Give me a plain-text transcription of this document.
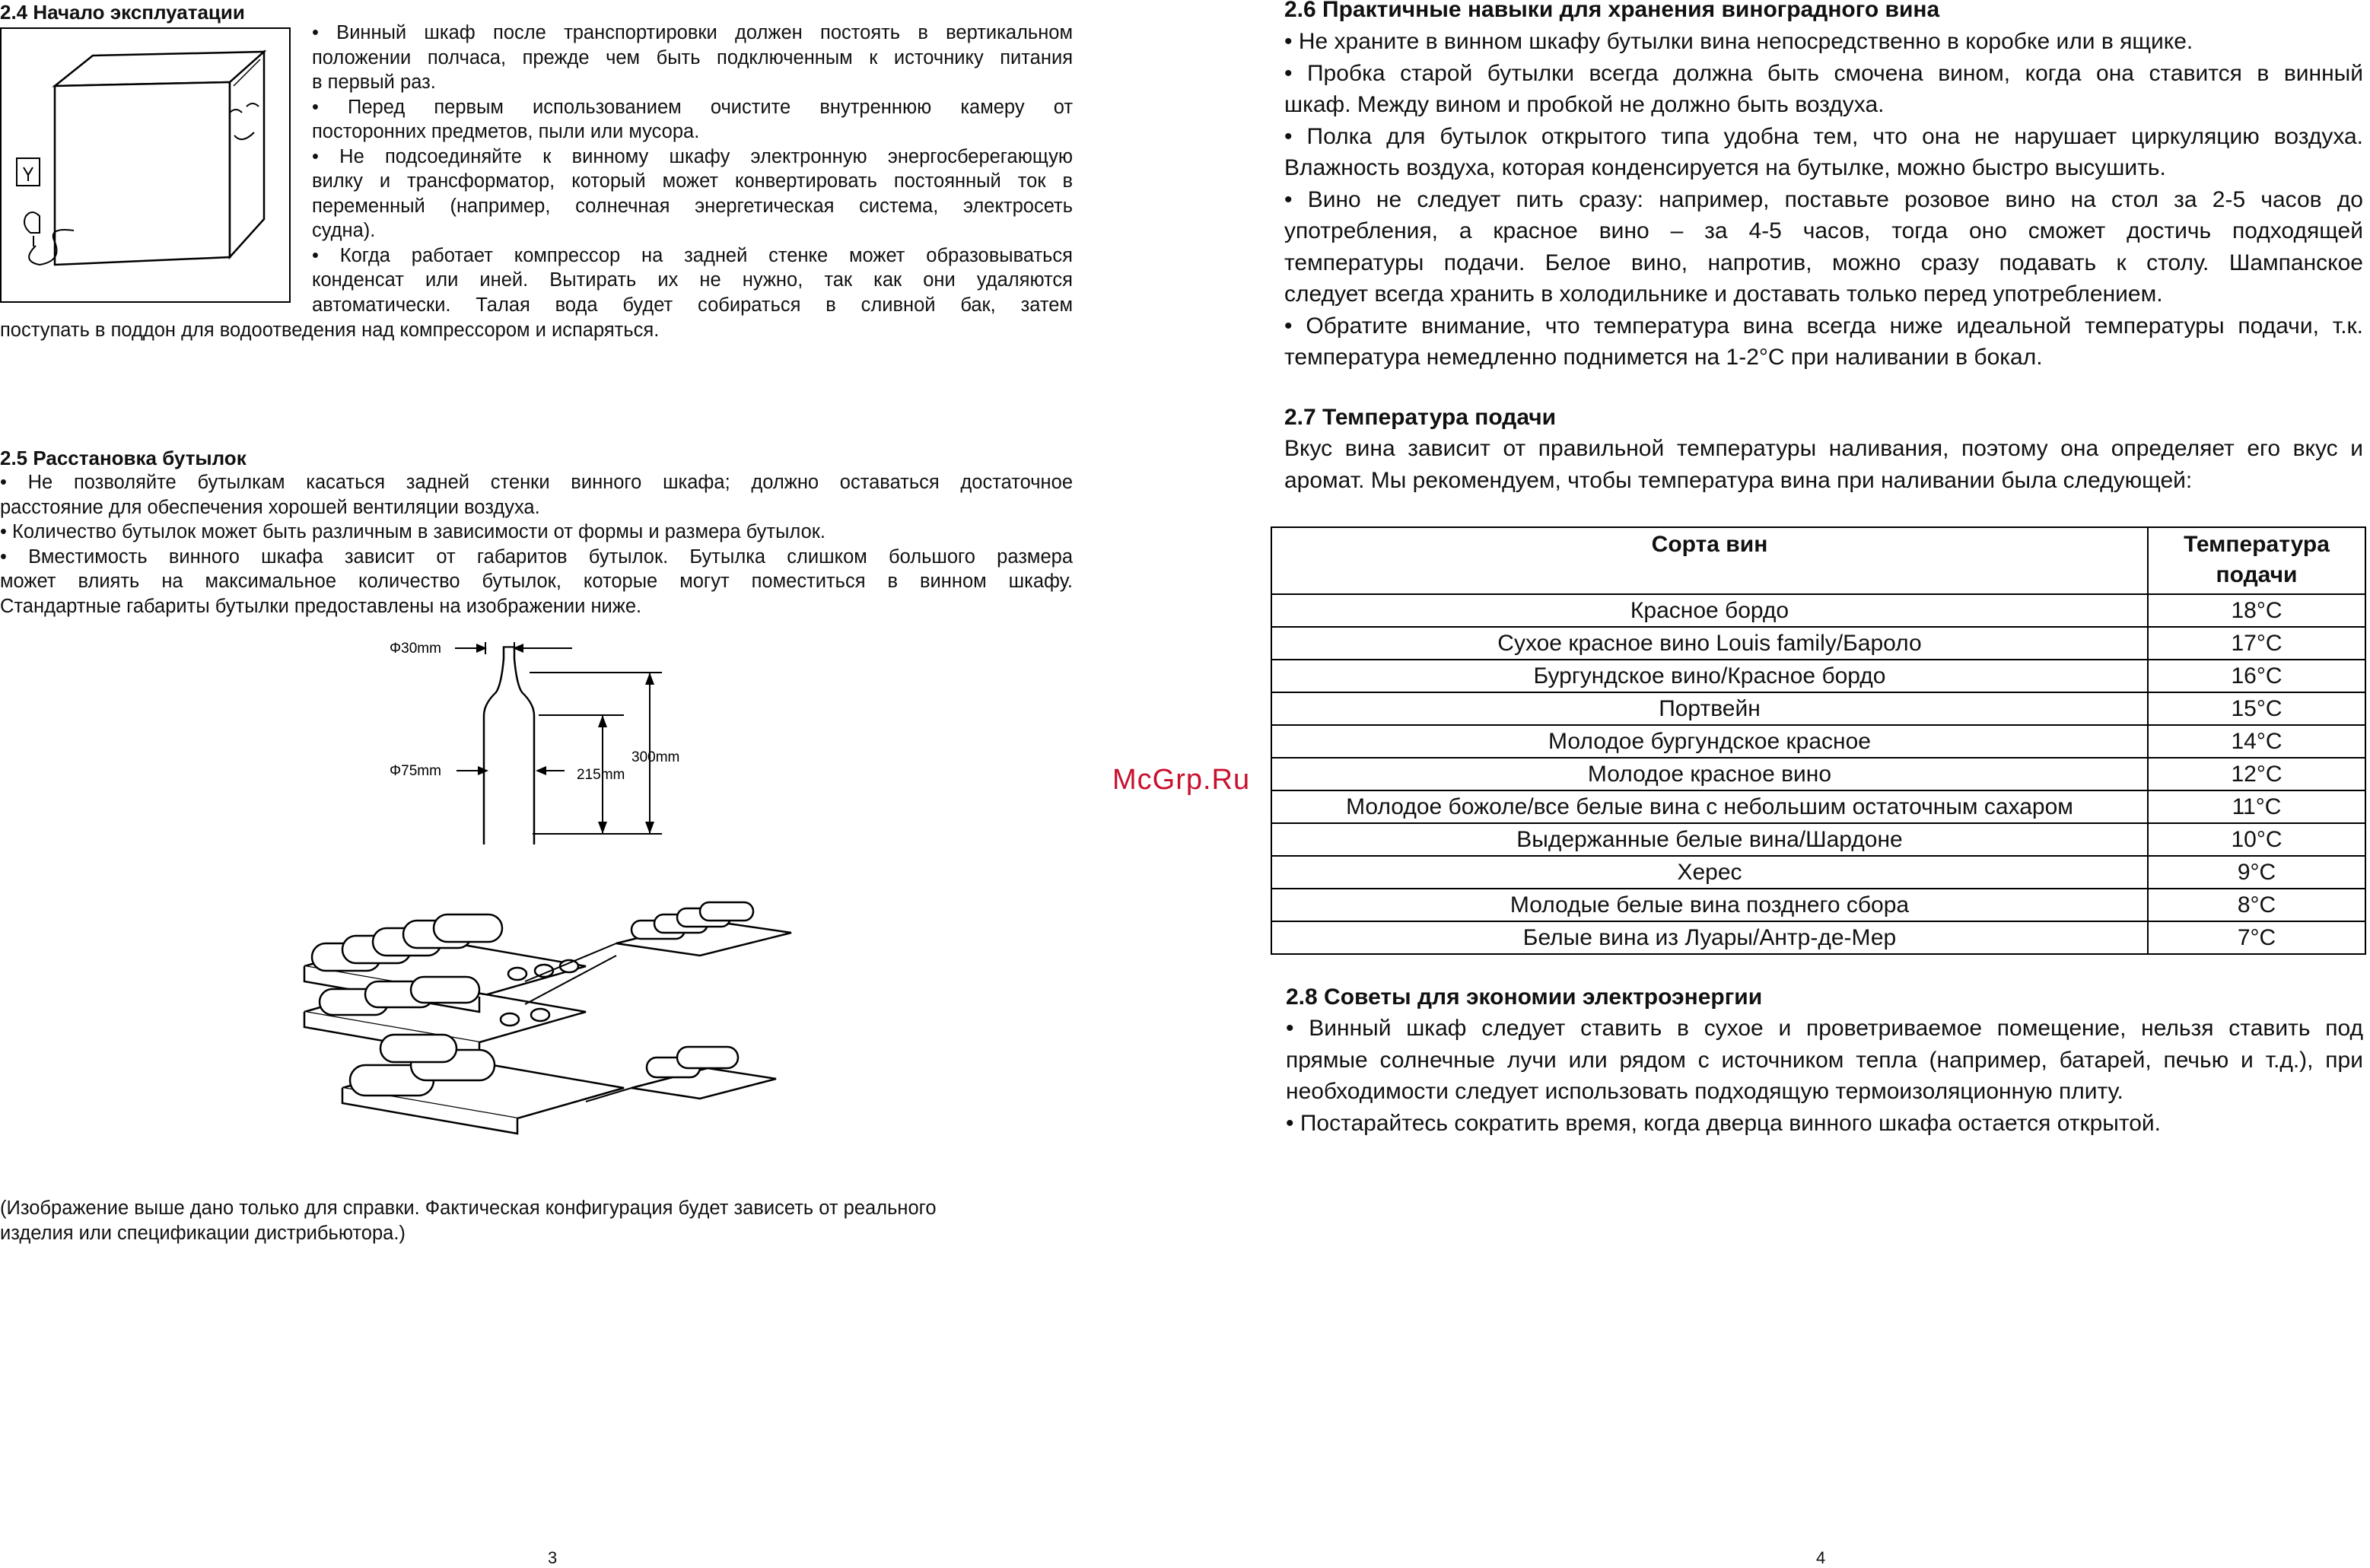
2.4 Начало эксплуатации

• Винный шкаф после транспортировки должен постоять в вертикальном

положении полчаса, прежде чем быть подключенным к источнику питания

в первый раз.

• Перед первым использованием очистите внутреннюю камеру от

посторонних предметов, пыли или мусора.

• Не подсоединяйте к винному шкафу электронную энергосберегающую

вилку и трансформатор, который может конвертировать постоянный ток в

переменный (например, солнечная энергетическая система, электросеть

судна).

• Когда работает компрессор на задней стенке может образовываться

конденсат или иней. Вытирать их не нужно, так как они удаляются

автоматически. Талая вода будет собираться в сливной бак, затем

поступать в поддон для водоотведения над компрессором и испаряться.

2.5 Расстановка бутылок

• Не позволяйте бутылкам касаться задней стенки винного шкафа; должно оставаться достаточное

расстояние для обеспечения хорошей вентиляции воздуха.

• Количество бутылок может быть различным в зависимости от формы и размера бутылок.

• Вместимость винного шкафа зависит от габаритов бутылок. Бутылка слишком большого размера

может влиять на максимальное количество бутылок, которые могут поместиться в винном шкафу.

Стандартные габариты бутылки предоставлены на изображении ниже.

Φ30mm
Φ75mm	215mm
300mm

(Изображение выше дано только для справки. Фактическая конфигурация будет зависеть от реального

изделия или спецификации дистрибьютора.)

3
2.6 Практичные навыки для хранения виноградного вина

• Не храните в винном шкафу бутылки вина непосредственно в коробке или в ящике.

• Пробка старой бутылки всегда должна быть смочена вином, когда она ставится в винный

шкаф. Между вином и пробкой не должно быть воздуха.

• Полка для бутылок открытого типа удобна тем, что она не нарушает циркуляцию воздуха.

Влажность воздуха, которая конденсируется на бутылке, можно быстро высушить.

• Вино не следует пить сразу: например, поставьте розовое вино на стол за 2-5 часов до

употребления, а красное вино – за 4-5 часов, тогда оно сможет достичь подходящей

температуры подачи. Белое вино, напротив, можно сразу подавать к столу. Шампанское

следует всегда хранить в холодильнике и доставать только перед употреблением.

• Обратите внимание, что температура вина всегда ниже идеальной температуры подачи, т.к.

температура немедленно поднимется на 1-2°C при наливании в бокал.

2.7 Температура подачи

Вкус вина зависит от правильной температуры наливания, поэтому она определяет его вкус и

аромат. Мы рекомендуем, чтобы температура вина при наливании была следующей:

Сорта вин	Температура
подачи
Красное бордо	18°C
Сухое красное вино Louis family/Бароло	17°C
Бургундское вино/Красное бордо	16°C
Портвейн	15°C
Молодое бургундское красное	14°C
Молодое красное вино	12°C
Молодое божоле/все белые вина с небольшим остаточным сахаром	11°C
Выдержанные белые вина/Шардоне	10°C
Херес	9°C
Молодые белые вина позднего сбора	8°C
Белые вина из Луары/Антр-де-Мер	7°C
2.8 Советы для экономии электроэнергии

• Винный шкаф следует ставить в сухое и проветриваемое помещение, нельзя ставить под

прямые солнечные лучи или рядом с источником тепла (например, батарей, печью и т.д.), при

необходимости следует использовать подходящую термоизоляционную плиту.

• Постарайтесь сократить время, когда дверца винного шкафа остается открытой.

4
McGrp.Ru
